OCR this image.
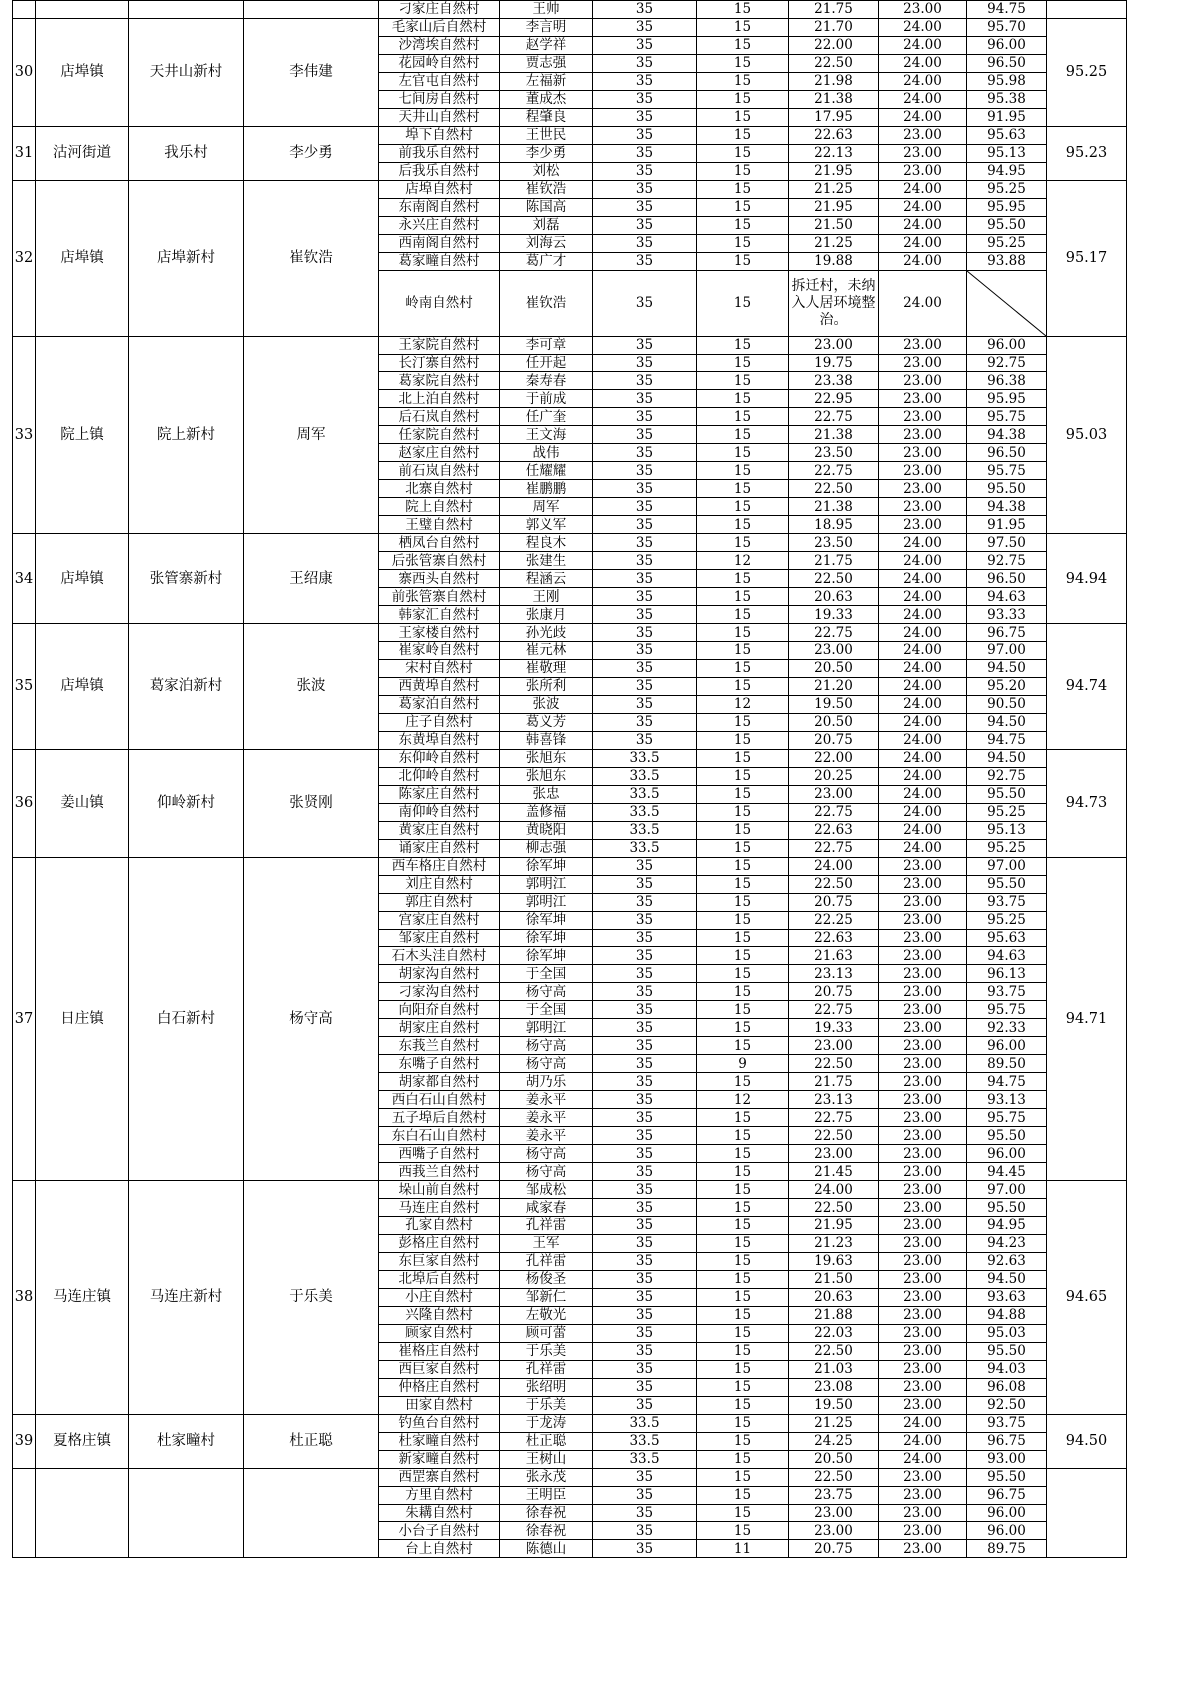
				刁家庄自然村	王帅	35	15	21.75	23.00	94.75	
30	店埠镇	天井山新村	李伟建	毛家山后自然村	李言明	35	15	21.70	24.00	95.70	95.25
				沙湾埃自然村	赵学祥	35	15	22.00	24.00	96.00	
				花园岭自然村	贾志强	35	15	22.50	24.00	96.50	
				左官屯自然村	左福新	35	15	21.98	24.00	95.98	
				七间房自然村	董成杰	35	15	21.38	24.00	95.38	
				天井山自然村	程肇良	35	15	17.95	24.00	91.95	
31	沽河街道	我乐村	李少勇	埠下自然村	王世民	35	15	22.63	23.00	95.63	95.23
				前我乐自然村	李少勇	35	15	22.13	23.00	95.13	
				后我乐自然村	刘松	35	15	21.95	23.00	94.95	
32	店埠镇	店埠新村	崔钦浩	店埠自然村	崔钦浩	35	15	21.25	24.00	95.25	95.17
				东南阁自然村	陈国高	35	15	21.95	24.00	95.95	
				永兴庄自然村	刘磊	35	15	21.50	24.00	95.50	
				西南阁自然村	刘海云	35	15	21.25	24.00	95.25	
				葛家疃自然村	葛广才	35	15	19.88	24.00	93.88	
				岭南自然村	崔钦浩	35	15	拆迁村，未纳入人居环境整治。	24.00	

33	院上镇	院上新村	周军	王家院自然村	李可章	35	15	23.00	23.00	96.00	95.03
				长汀寨自然村	任开起	35	15	19.75	23.00	92.75	
				葛家院自然村	秦寿春	35	15	23.38	23.00	96.38	
				北上泊自然村	于前成	35	15	22.95	23.00	95.95	
				后石岚自然村	任广奎	35	15	22.75	23.00	95.75	
				任家院自然村	王文海	35	15	21.38	23.00	94.38	
				赵家庄自然村	战伟	35	15	23.50	23.00	96.50	
				前石岚自然村	任耀耀	35	15	22.75	23.00	95.75	
				北寨自然村	崔鹏鹏	35	15	22.50	23.00	95.50	
				院上自然村	周军	35	15	21.38	23.00	94.38	
				王璧自然村	郭义军	35	15	18.95	23.00	91.95	
34	店埠镇	张管寨新村	王绍康	栖凤台自然村	程良木	35	15	23.50	24.00	97.50	94.94
				后张管寨自然村	张建生	35	12	21.75	24.00	92.75	
				寨西头自然村	程涵云	35	15	22.50	24.00	96.50	
				前张管寨自然村	王刚	35	15	20.63	24.00	94.63	
				韩家汇自然村	张康月	35	15	19.33	24.00	93.33	
35	店埠镇	葛家泊新村	张波	王家楼自然村	孙光歧	35	15	22.75	24.00	96.75	94.74
				崔家岭自然村	崔元林	35	15	23.00	24.00	97.00	
				宋村自然村	崔敬理	35	15	20.50	24.00	94.50	
				西黄埠自然村	张所利	35	15	21.20	24.00	95.20	
				葛家泊自然村	张波	35	12	19.50	24.00	90.50	
				庄子自然村	葛义芳	35	15	20.50	24.00	94.50	
				东黄埠自然村	韩喜锋	35	15	20.75	24.00	94.75	
36	姜山镇	仰岭新村	张贤刚	东仰岭自然村	张旭东	33.5	15	22.00	24.00	94.50	94.73
				北仰岭自然村	张旭东	33.5	15	20.25	24.00	92.75	
				陈家庄自然村	张忠	33.5	15	23.00	24.00	95.50	
				南仰岭自然村	盖修福	33.5	15	22.75	24.00	95.25	
				黄家庄自然村	黄晓阳	33.5	15	22.63	24.00	95.13	
				诵家庄自然村	柳志强	33.5	15	22.75	24.00	95.25	
37	日庄镇	白石新村	杨守高	西车格庄自然村	徐军坤	35	15	24.00	23.00	97.00	94.71
				刘庄自然村	郭明江	35	15	22.50	23.00	95.50	
				郭庄自然村	郭明江	35	15	20.75	23.00	93.75	
				宫家庄自然村	徐军坤	35	15	22.25	23.00	95.25	
				邹家庄自然村	徐军坤	35	15	22.63	23.00	95.63	
				石木头洼自然村	徐军坤	35	15	21.63	23.00	94.63	
				胡家沟自然村	于全国	35	15	23.13	23.00	96.13	
				刁家沟自然村	杨守高	35	15	20.75	23.00	93.75	
				向阳夼自然村	于全国	35	15	22.75	23.00	95.75	
				胡家庄自然村	郭明江	35	15	19.33	23.00	92.33	
				东莪兰自然村	杨守高	35	15	23.00	23.00	96.00	
				东嘴子自然村	杨守高	35	9	22.50	23.00	89.50	
				胡家都自然村	胡乃乐	35	15	21.75	23.00	94.75	
				西白石山自然村	姜永平	35	12	23.13	23.00	93.13	
				五子埠后自然村	姜永平	35	15	22.75	23.00	95.75	
				东白石山自然村	姜永平	35	15	22.50	23.00	95.50	
				西嘴子自然村	杨守高	35	15	23.00	23.00	96.00	
				西莪兰自然村	杨守高	35	15	21.45	23.00	94.45	
38	马连庄镇	马连庄新村	于乐美	垛山前自然村	邹成松	35	15	24.00	23.00	97.00	94.65
				马连庄自然村	咸家春	35	15	22.50	23.00	95.50	
				孔家自然村	孔祥雷	35	15	21.95	23.00	94.95	
				彭格庄自然村	王军	35	15	21.23	23.00	94.23	
				东巨家自然村	孔祥雷	35	15	19.63	23.00	92.63	
				北埠后自然村	杨俊圣	35	15	21.50	23.00	94.50	
				小庄自然村	邹新仁	35	15	20.63	23.00	93.63	
				兴隆自然村	左敬光	35	15	21.88	23.00	94.88	
				顾家自然村	顾可蕾	35	15	22.03	23.00	95.03	
				崔格庄自然村	于乐美	35	15	22.50	23.00	95.50	
				西巨家自然村	孔祥雷	35	15	21.03	23.00	94.03	
				仲格庄自然村	张绍明	35	15	23.08	23.00	96.08	
				田家自然村	于乐美	35	15	19.50	23.00	92.50	
39	夏格庄镇	杜家疃村	杜正聪	钓鱼台自然村	于龙涛	33.5	15	21.25	24.00	93.75	94.50
				杜家疃自然村	杜正聪	33.5	15	24.25	24.00	96.75	
				新家疃自然村	王树山	33.5	15	20.50	24.00	93.00	
				西罡寨自然村	张永茂	35	15	22.50	23.00	95.50	
				方里自然村	王明臣	35	15	23.75	23.00	96.75	
				朱耩自然村	徐春祝	35	15	23.00	23.00	96.00	
				小台子自然村	徐春祝	35	15	23.00	23.00	96.00	
				台上自然村	陈德山	35	11	20.75	23.00	89.75	
